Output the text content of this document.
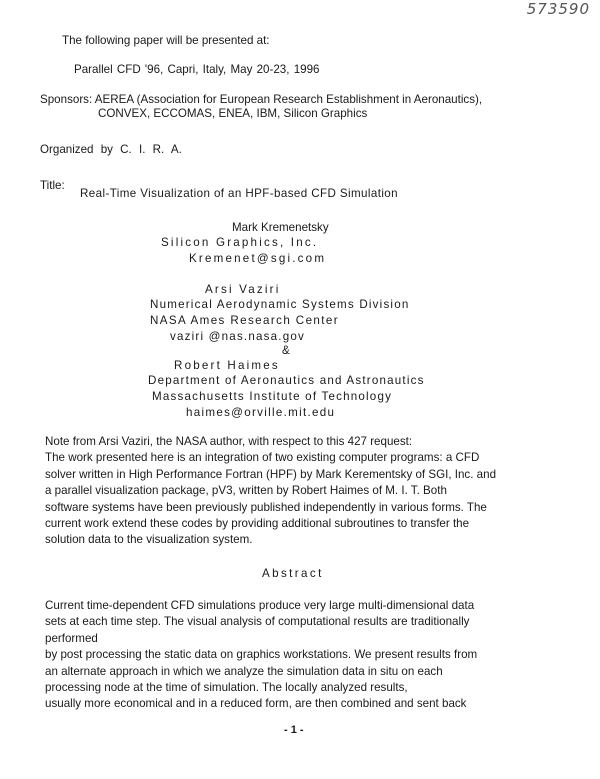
573590
The following paper will be presented at:
Parallel CFD '96, Capri, Italy, May 20-23, 1996
Sponsors: AEREA (Association for European Research Establishment in Aeronautics),
CONVEX, ECCOMAS, ENEA, IBM, Silicon Graphics
Organized by C. I. R. A.
Title:
Real-Time Visualization of an HPF-based CFD Simulation
Mark Kremenetsky
Silicon Graphics, Inc.
Kremenet@sgi.com
Arsi Vaziri
Numerical Aerodynamic Systems Division
NASA Ames Research Center
vaziri @nas.nasa.gov
&
Robert Haimes
Department of Aeronautics and Astronautics
Massachusetts Institute of Technology
haimes@orville.mit.edu
Note from Arsi Vaziri, the NASA author, with respect to this 427 request:
The work presented here is an integration of two existing computer programs: a CFD
solver written in High Performance Fortran (HPF) by Mark Kerementsky of SGI, Inc. and
a parallel visualization package, pV3, written by Robert Haimes of M. I. T. Both
software systems have been previously published independently in various forms. The
current work extend these codes by providing additional subroutines to transfer the
solution data to the visualization system.
Abstract
Current time-dependent CFD simulations produce very large multi-dimensional data
sets at each time step. The visual analysis of computational results are traditionally
performed
by post processing the static data on graphics workstations. We present results from
an alternate approach in which we analyze the simulation data in situ on each
processing node at the time of simulation. The locally analyzed results,
usually more economical and in a reduced form, are then combined and sent back
- 1 -
